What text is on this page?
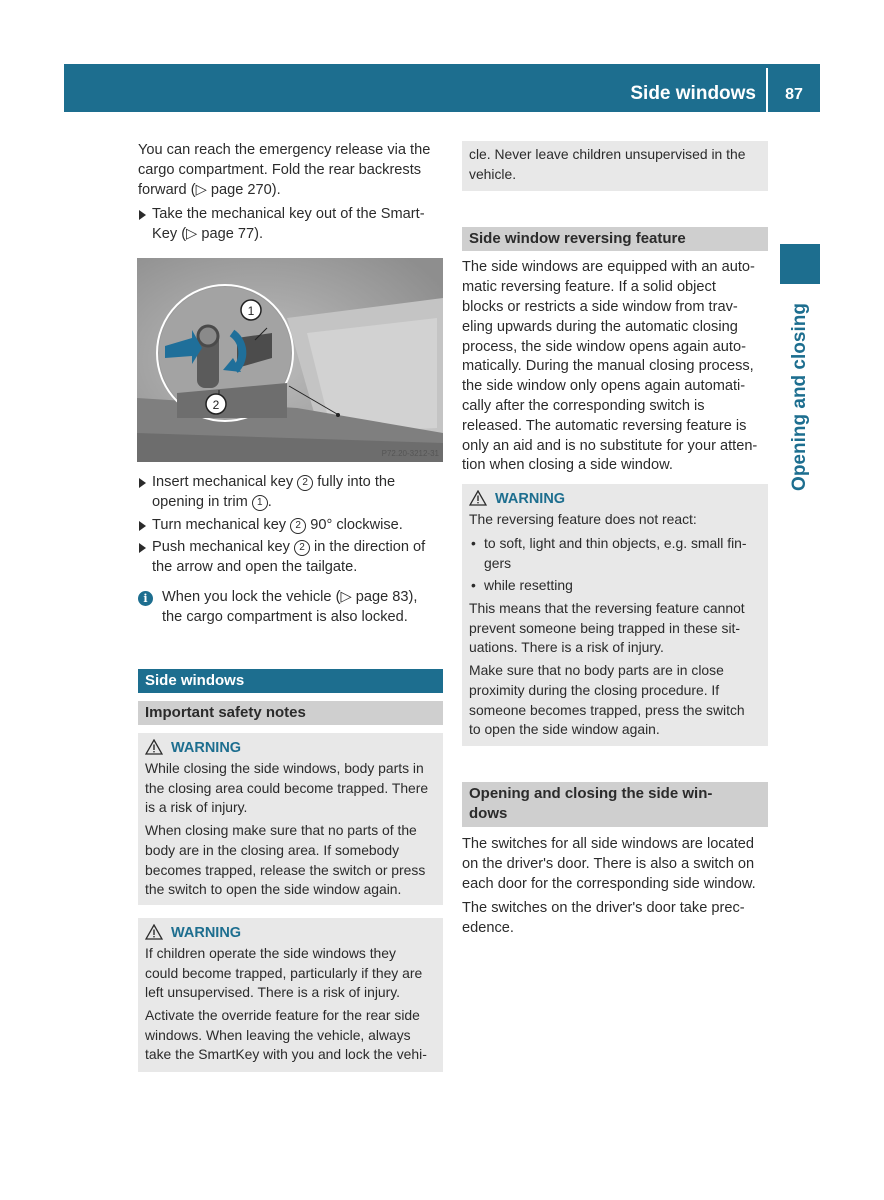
Side windows	87
Opening and closing

You can reach the emergency release via the
cargo compartment. Fold the rear backrests
forward (▷ page 270).

Take the mechanical key out of the Smart-
Key (▷ page 77).
1
2
P72.20-3212-31
Insert mechanical key 2 fully into the
opening in trim 1 .
Turn mechanical key 2 90° clockwise.
Push mechanical key 2 in the direction of
the arrow and open the tailgate.
i When you lock the vehicle (▷ page 83),
the cargo compartment is also locked.
Side windows
Important safety notes
WARNING
While closing the side windows, body parts in
the closing area could become trapped. There
is a risk of injury.
When closing make sure that no parts of the
body are in the closing area. If somebody
becomes trapped, release the switch or press
the switch to open the side window again.
WARNING
If children operate the side windows they
could become trapped, particularly if they are
left unsupervised. There is a risk of injury.
Activate the override feature for the rear side
windows. When leaving the vehicle, always
take the SmartKey with you and lock the vehi-
cle. Never leave children unsupervised in the
vehicle.
Side window reversing feature

The side windows are equipped with an auto-
matic reversing feature. If a solid object
blocks or restricts a side window from trav-
eling upwards during the automatic closing
process, the side window opens again auto-
matically. During the manual closing process,
the side window only opens again automati-
cally after the corresponding switch is
released. The automatic reversing feature is
only an aid and is no substitute for your atten-
tion when closing a side window.

WARNING
The reversing feature does not react:
• to soft, light and thin objects, e.g. small fin-
gers
• while resetting
This means that the reversing feature cannot
prevent someone being trapped in these sit-
uations. There is a risk of injury.
Make sure that no body parts are in close
proximity during the closing procedure. If
someone becomes trapped, press the switch
to open the side window again.
Opening and closing the side win-
dows

The switches for all side windows are located
on the driver's door. There is also a switch on
each door for the corresponding side window.

The switches on the driver's door take prec-
edence.
